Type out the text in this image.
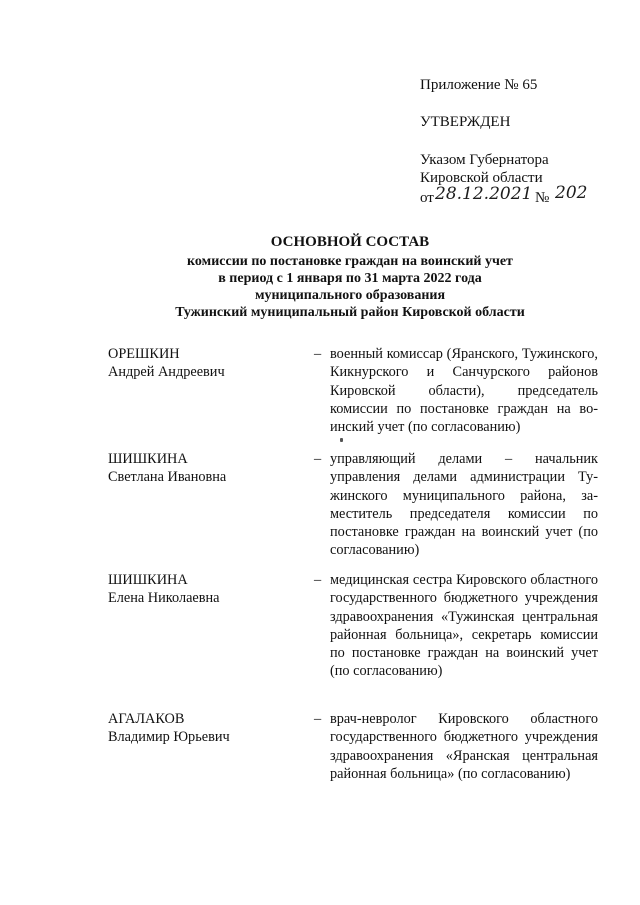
Приложение № 65
УТВЕРЖДЕН
Указом Губернатора
Кировской области
от 28.12.2021 № 202
ОСНОВНОЙ СОСТАВ
комиссии по постановке граждан на воинский учет
в период с 1 января по 31 марта 2022 года
муниципального образования
Тужинский муниципальный район Кировской области
ОРЕШКИН
Андрей Андреевич
– военный комиссар (Яранского, Тужинского, Кикнурского и Санчурского районов Кировской области), председатель комиссии по постановке граждан на воинский учет (по согласованию)
ШИШКИНА
Светлана Ивановна
– управляющий делами – начальник управления делами администрации Тужинского муниципального района, заместитель председателя комиссии по постановке граждан на воинский учет (по согласованию)
ШИШКИНА
Елена Николаевна
– медицинская сестра Кировского областного государственного бюджетного учреждения здравоохранения «Тужинская центральная районная больница», секретарь комиссии по постановке граждан на воинский учет (по согласованию)
АГАЛАКОВ
Владимир Юрьевич
– врач-невролог Кировского областного государственного бюджетного учреждения здравоохранения «Яранская центральная районная больница» (по согласованию)
